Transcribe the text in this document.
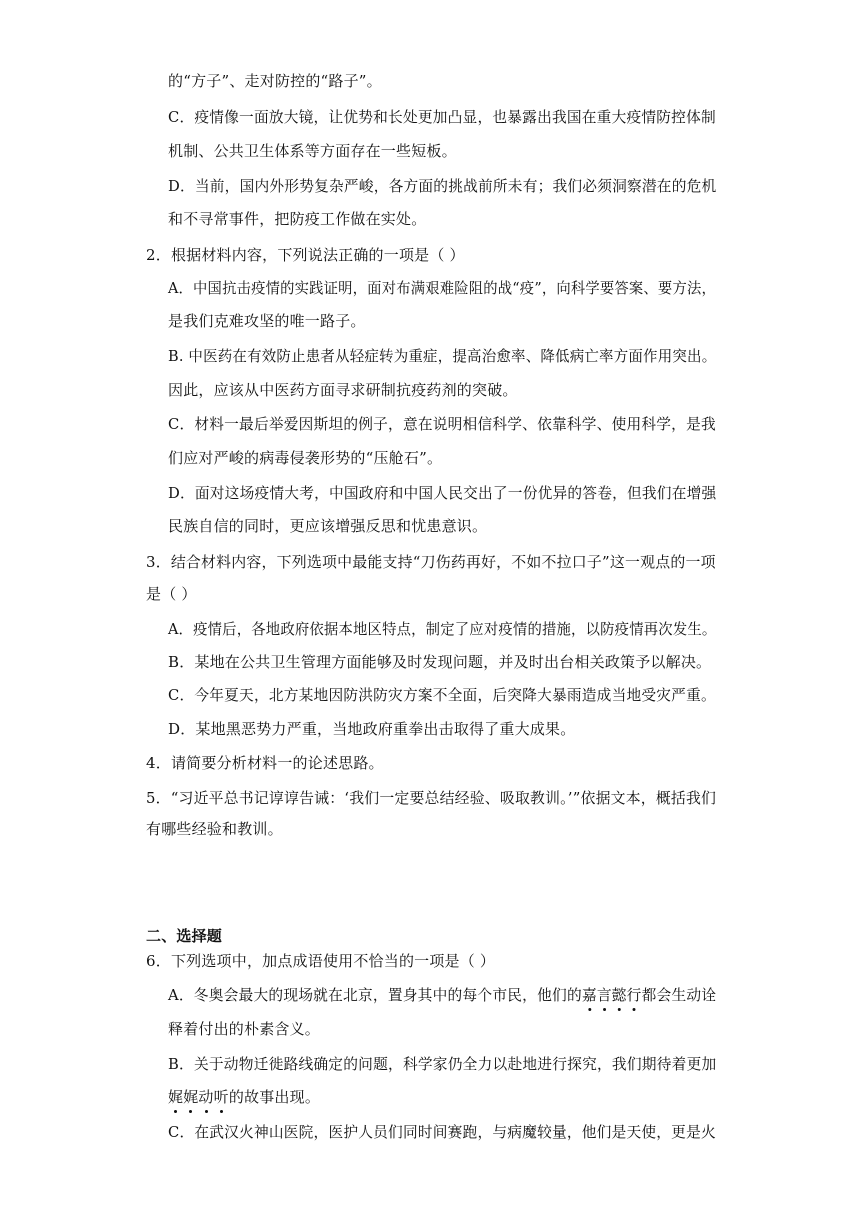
的“方子”、走对防控的“路子”。
C．疫情像一面放大镜，让优势和长处更加凸显，也暴露出我国在重大疫情防控体制
机制、公共卫生体系等方面存在一些短板。
D．当前，国内外形势复杂严峻，各方面的挑战前所未有；我们必须洞察潜在的危机
和不寻常事件，把防疫工作做在实处。
2．根据材料内容，下列说法正确的一项是（ ）
A．中国抗击疫情的实践证明，面对布满艰难险阻的战“疫”，向科学要答案、要方法，
是我们克难攻坚的唯一路子。
B. 中医药在有效防止患者从轻症转为重症，提高治愈率、降低病亡率方面作用突出。
因此，应该从中医药方面寻求研制抗疫药剂的突破。
C．材料一最后举爱因斯坦的例子，意在说明相信科学、依靠科学、使用科学，是我
们应对严峻的病毒侵袭形势的“压舱石”。
D．面对这场疫情大考，中国政府和中国人民交出了一份优异的答卷，但我们在增强
民族自信的同时，更应该增强反思和忧患意识。
3．结合材料内容，下列选项中最能支持“刀伤药再好，不如不拉口子”这一观点的一项
是（ ）
A．疫情后，各地政府依据本地区特点，制定了应对疫情的措施，以防疫情再次发生。
B．某地在公共卫生管理方面能够及时发现问题，并及时出台相关政策予以解决。
C．今年夏天，北方某地因防洪防灾方案不全面，后突降大暴雨造成当地受灾严重。
D．某地黑恶势力严重，当地政府重拳出击取得了重大成果。
4．请简要分析材料一的论述思路。
5．“习近平总书记谆谆告诫：‘我们一定要总结经验、吸取教训。’”依据文本，概括我们
有哪些经验和教训。
二、选择题
6．下列选项中，加点成语使用不恰当的一项是（ ）
A．冬奥会最大的现场就在北京，置身其中的每个市民，他们的嘉言懿行都会生动诠
释着付出的朴素含义。
B．关于动物迁徙路线确定的问题，科学家仍全力以赴地进行探究，我们期待着更加
娓娓动听的故事出现。
C．在武汉火神山医院，医护人员们同时间赛跑，与病魔较量，他们是天使，更是火
